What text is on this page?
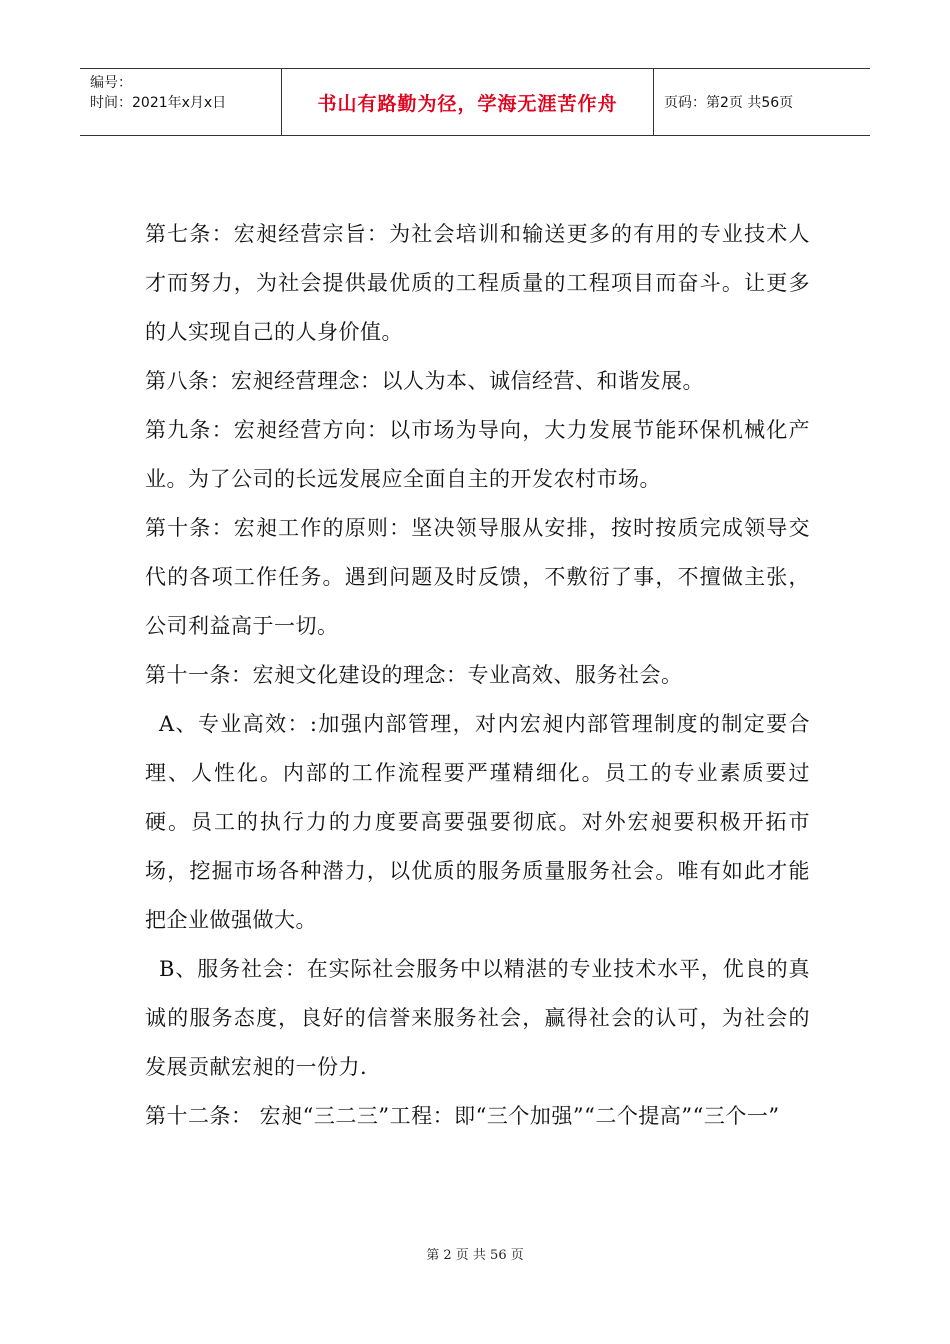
编号：
时间：2021年x月x日	书山有路勤为径，学海无涯苦作舟	页码：第2页 共56页

第七条：宏昶经营宗旨：为社会培训和输送更多的有用的专业技术人才而努力，为社会提供最优质的工程质量的工程项目而奋斗。让更多的人实现自己的人身价值。

第八条：宏昶经营理念：以人为本、诚信经营、和谐发展。

第九条：宏昶经营方向：以市场为导向，大力发展节能环保机械化产业。为了公司的长远发展应全面自主的开发农村市场。

第十条：宏昶工作的原则：坚决领导服从安排，按时按质完成领导交代的各项工作任务。遇到问题及时反馈，不敷衍了事，不擅做主张，公司利益高于一切。

第十一条：宏昶文化建设的理念：专业高效、服务社会。

A、专业高效：:加强内部管理，对内宏昶内部管理制度的制定要合理、人性化。内部的工作流程要严瑾精细化。员工的专业素质要过硬。员工的执行力的力度要高要强要彻底。对外宏昶要积极开拓市场，挖掘市场各种潜力，以优质的服务质量服务社会。唯有如此才能把企业做强做大。

B、服务社会：在实际社会服务中以精湛的专业技术水平，优良的真诚的服务态度，良好的信誉来服务社会，赢得社会的认可，为社会的发展贡献宏昶的一份力.

第十二条： 宏昶“三二三”工程：即“三个加强”“二个提高”“三个一”

第 2 页 共 56 页
